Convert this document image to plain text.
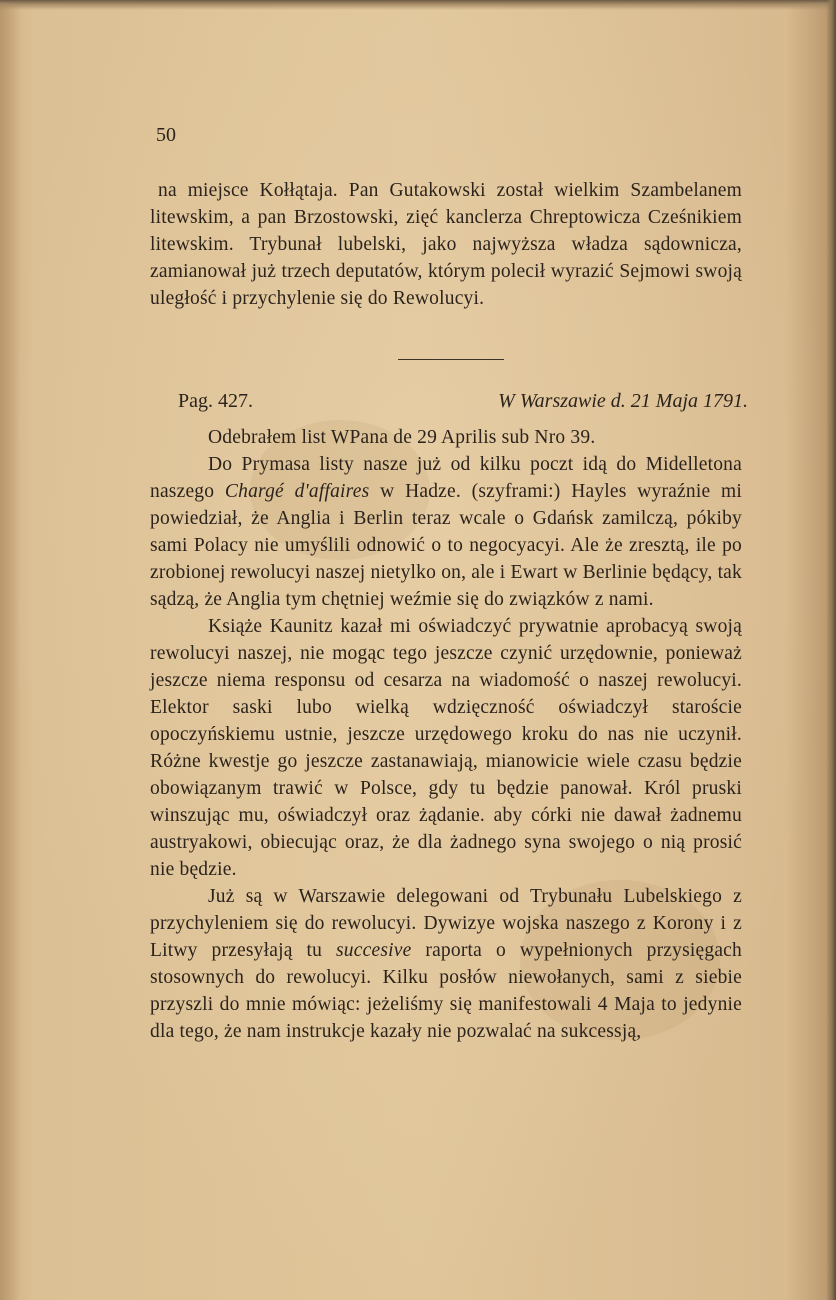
50

na miejsce Kołłątaja. Pan Gutakowski został wielkim Szambelanem litewskim, a pan Brzostowski, zięć kanclerza Chreptowicza Cześnikiem litewskim. Trybunał lubelski, jako najwyższa władza sądownicza, zamianował już trzech deputatów, którym polecił wyrazić Sejmowi swoją uległość i przychylenie się do Rewolucyi.

Pag. 427.	W Warszawie d. 21 Maja 1791.

Odebrałem list WPana de 29 Aprilis sub Nro 39.

Do Prymasa listy nasze już od kilku poczt idą do Midelletona naszego Chargé d'affaires w Hadze. (szyframi:) Hayles wyraźnie mi powiedział, że Anglia i Berlin teraz wcale o Gdańsk zamilczą, pókiby sami Polacy nie umyślili odnowić o to negocyacyi. Ale że zresztą, ile po zrobionej rewolucyi naszej nietylko on, ale i Ewart w Berlinie będący, tak sądzą, że Anglia tym chętniej weźmie się do związków z nami.

Książe Kaunitz kazał mi oświadczyć prywatnie aprobacyą swoją rewolucyi naszej, nie mogąc tego jeszcze czynić urzędownie, ponieważ jeszcze niema responsu od cesarza na wiadomość o naszej rewolucyi. Elektor saski lubo wielką wdzięczność oświadczył staroście opoczyńskiemu ustnie, jeszcze urzędowego kroku do nas nie uczynił. Różne kwestje go jeszcze zastanawiają, mianowicie wiele czasu będzie obowiązanym trawić w Polsce, gdy tu będzie panował. Król pruski winszując mu, oświadczył oraz żądanie. aby córki nie dawał żadnemu austryakowi, obiecując oraz, że dla żadnego syna swojego o nią prosić nie będzie.

Już są w Warszawie delegowani od Trybunału Lubelskiego z przychyleniem się do rewolucyi. Dywizye wojska naszego z Korony i z Litwy przesyłają tu succesive raporta o wypełnionych przysięgach stosownych do rewolucyi. Kilku posłów niewołanych, sami z siebie przyszli do mnie mówiąc: jeżeliśmy się manifestowali 4 Maja to jedynie dla tego, że nam instrukcje kazały nie pozwalać na sukcessją,
